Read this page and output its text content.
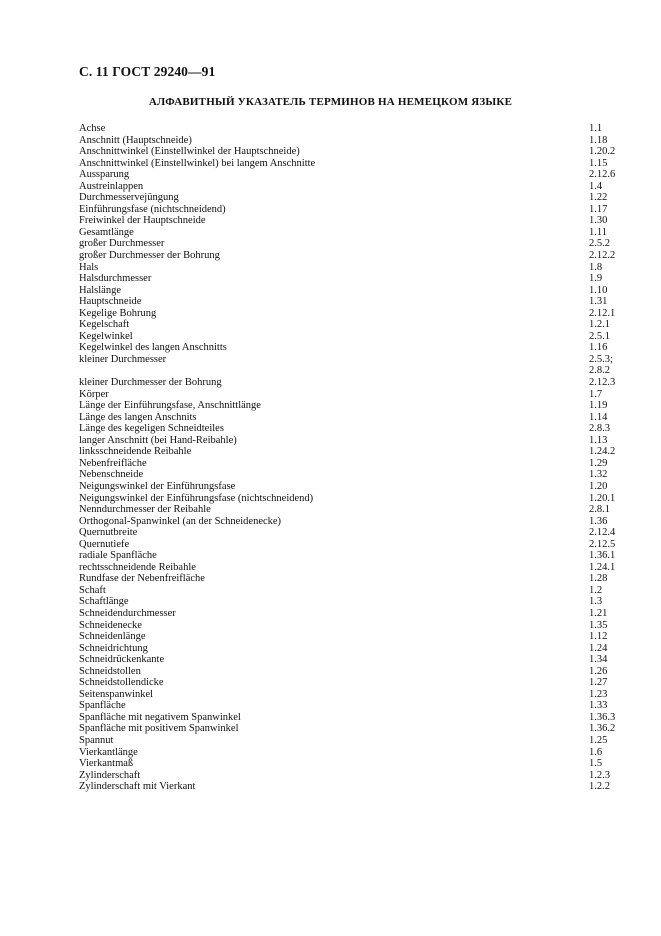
С. 11 ГОСТ 29240—91
АЛФАВИТНЫЙ УКАЗАТЕЛЬ ТЕРМИНОВ НА НЕМЕЦКОМ ЯЗЫКЕ
Achse	1.1
Anschnitt (Hauptschneide)	1.18
Anschnittwinkel (Einstellwinkel der Hauptschneide)	1.20.2
Anschnittwinkel (Einstellwinkel) bei langem Anschnitte	1.15
Aussparung	2.12.6
Austreinlappen	1.4
Durchmesservejüngung	1.22
Einführungsfase (nichtschneidend)	1.17
Freiwinkel der Hauptschneide	1.30
Gesamtlänge	1.11
großer Durchmesser	2.5.2
großer Durchmesser der Bohrung	2.12.2
Hals	1.8
Halsdurchmesser	1.9
Halslänge	1.10
Hauptschneide	1.31
Kegelige Bohrung	2.12.1
Kegelschaft	1.2.1
Kegelwinkel	2.5.1
Kegelwinkel des langen Anschnitts	1.16
kleiner Durchmesser	2.5.3;
2.8.2
kleiner Durchmesser der Bohrung	2.12.3
Körper	1.7
Länge der Einführungsfase, Anschnittlänge	1.19
Länge des langen Anschnits	1.14
Länge des kegeligen Schneidteiles	2.8.3
langer Anschnitt (bei Hand-Reibahle)	1.13
linksschneidende Reibahle	1.24.2
Nebenfreifläche	1.29
Nebenschneide	1.32
Neigungswinkel der Einführungsfase	1.20
Neigungswinkel der Einführungsfase (nichtschneidend)	1.20.1
Nenndurchmesser der Reibahle	2.8.1
Orthogonal-Spanwinkel (an der Schneidenecke)	1.36
Quernutbreite	2.12.4
Quernutiefe	2.12.5
radiale Spanfläche	1.36.1
rechtsschneidende Reibahle	1.24.1
Rundfase der Nebenfreifläche	1.28
Schaft	1.2
Schaftlänge	1.3
Schneidendurchmesser	1.21
Schneidenecke	1.35
Schneidenlänge	1.12
Schneidrichtung	1.24
Schneidrückenkante	1.34
Schneidstollen	1.26
Schneidstollendicke	1.27
Seitenspanwinkel	1.23
Spanfläche	1.33
Spanfläche mit negativem Spanwinkel	1.36.3
Spanfläche mit positivem Spanwinkel	1.36.2
Spannut	1.25
Vierkantlänge	1.6
Vierkantmaß	1.5
Zylinderschaft	1.2.3
Zylinderschaft mit Vierkant	1.2.2
